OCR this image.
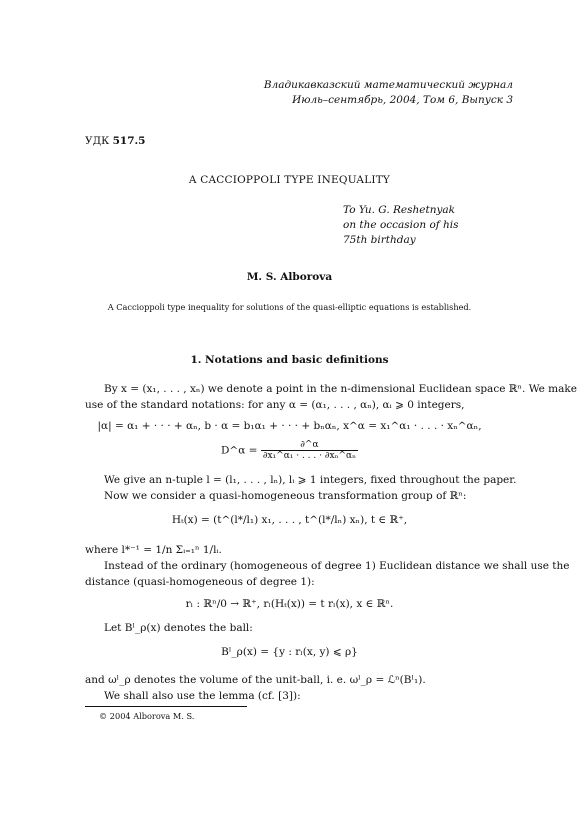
Владикавказский математический журнал
Июль–сентябрь, 2004, Том 6, Выпуск 3
УДК 517.5
A CACCIOPPOLI TYPE INEQUALITY
To Yu. G. Reshetnyak
on the occasion of his
75th birthday
M. S. Alborova
A Caccioppoli type inequality for solutions of the quasi-elliptic equations is established.
1. Notations and basic definitions
By x = (x₁, . . . , xₙ) we denote a point in the n-dimensional Euclidean space ℝⁿ. We make
use of the standard notations: for any α = (α₁, . . . , αₙ), αᵢ ⩾ 0 integers,
|α| = α₁ + · · · + αₙ, b · α = b₁α₁ + · · · + bₙαₙ, x^α = x₁^α₁ · . . . · xₙ^αₙ,
D^α = $\frac{\partial\^{}\alpha}{\text{∂x₁\textasciicircum{}α₁ · . . . · ∂xₙ\textasciicircum{}αₙ}}$
We give an n-tuple l = (l₁, . . . , lₙ), lᵢ ⩾ 1 integers, fixed throughout the paper.
Now we consider a quasi-homogeneous transformation group of ℝⁿ:
Hₜ(x) = (t^(l*/l₁) x₁, . . . , t^(l*/lₙ) xₙ), t ∈ ℝ⁺,
where l*⁻¹ = 1/n Σᵢ₌₁ⁿ 1/lᵢ.
Instead of the ordinary (homogeneous of degree 1) Euclidean distance we shall use the
distance (quasi-homogeneous of degree 1):
rₗ : ℝⁿ/0 → ℝ⁺, rₗ(Hₜ(x)) = t rₗ(x), x ∈ ℝⁿ.
Let Bˡ_ρ(x) denotes the ball:
Bˡ_ρ(x) = {y : rₗ(x, y) ⩽ ρ}
and ωˡ_ρ denotes the volume of the unit-ball, i. e. ωˡ_ρ = ℒⁿ(Bˡ₁).
We shall also use the lemma (cf. [3]):
© 2004 Alborova M. S.
